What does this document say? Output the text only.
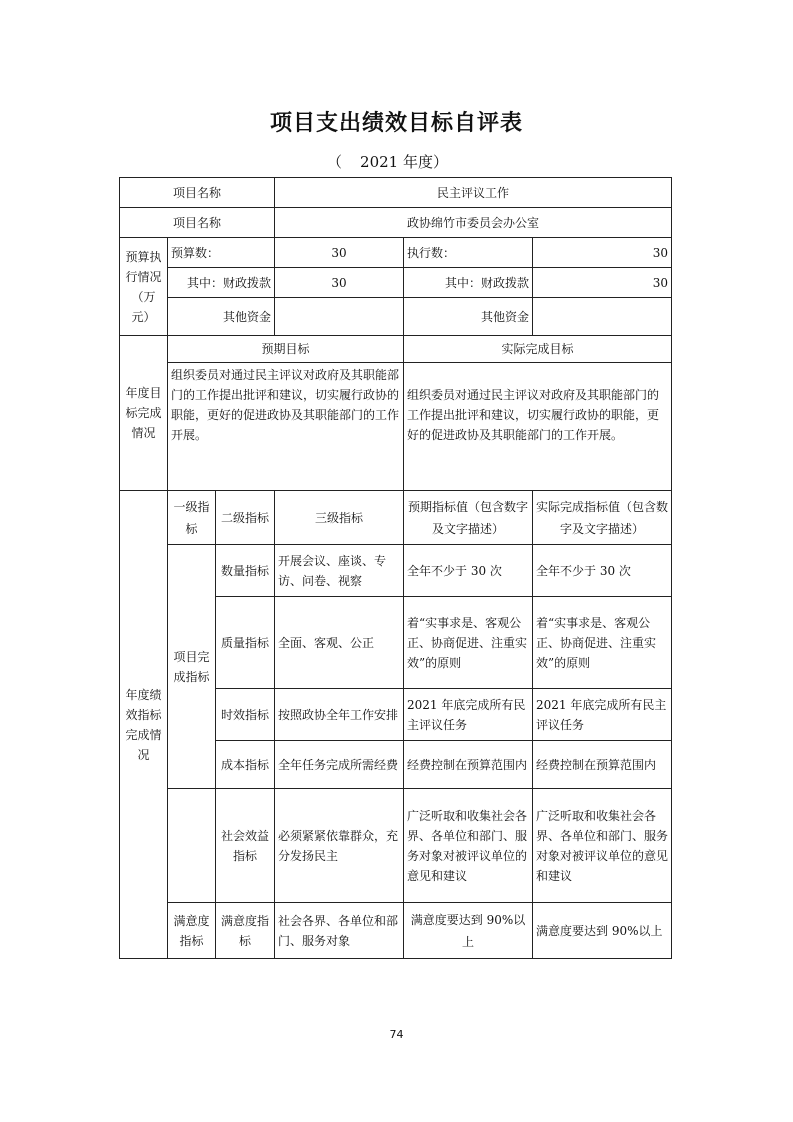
项目支出绩效目标自评表
（ 2021 年度）
项目名称			民主评议工作		
项目名称			政协绵竹市委员会办公室		
预算执行情况（万元）	预算数：		30	执行数：	30
	其中：财政拨款		30	其中：财政拨款	30
	其他资金			其他资金	
年度目标完成情况	预期目标			实际完成目标	
	组织委员对通过民主评议对政府及其职能部门的工作提出批评和建议，切实履行政协的职能，更好的促进政协及其职能部门的工作开展。			组织委员对通过民主评议对政府及其职能部门的工作提出批评和建议，切实履行政协的职能，更好的促进政协及其职能部门的工作开展。	
年度绩效指标完成情况	一级指标	二级指标	三级指标	预期指标值（包含数字及文字描述）	实际完成指标值（包含数字及文字描述）
	项目完成指标	数量指标	开展会议、座谈、专访、问卷、视察	全年不少于 30 次	全年不少于 30 次
		质量指标	全面、客观、公正	着“实事求是、客观公正、协商促进、注重实效”的原则	着“实事求是、客观公正、协商促进、注重实效”的原则
		时效指标	按照政协全年工作安排	2021 年底完成所有民主评议任务	2021 年底完成所有民主评议任务
		成本指标	全年任务完成所需经费	经费控制在预算范围内	经费控制在预算范围内
		社会效益指标	必须紧紧依靠群众，充分发扬民主	广泛听取和收集社会各界、各单位和部门、服务对象对被评议单位的意见和建议	广泛听取和收集社会各界、各单位和部门、服务对象对被评议单位的意见和建议
	满意度指标	满意度指标	社会各界、各单位和部门、服务对象	满意度要达到 90%以上	满意度要达到 90%以上
74
